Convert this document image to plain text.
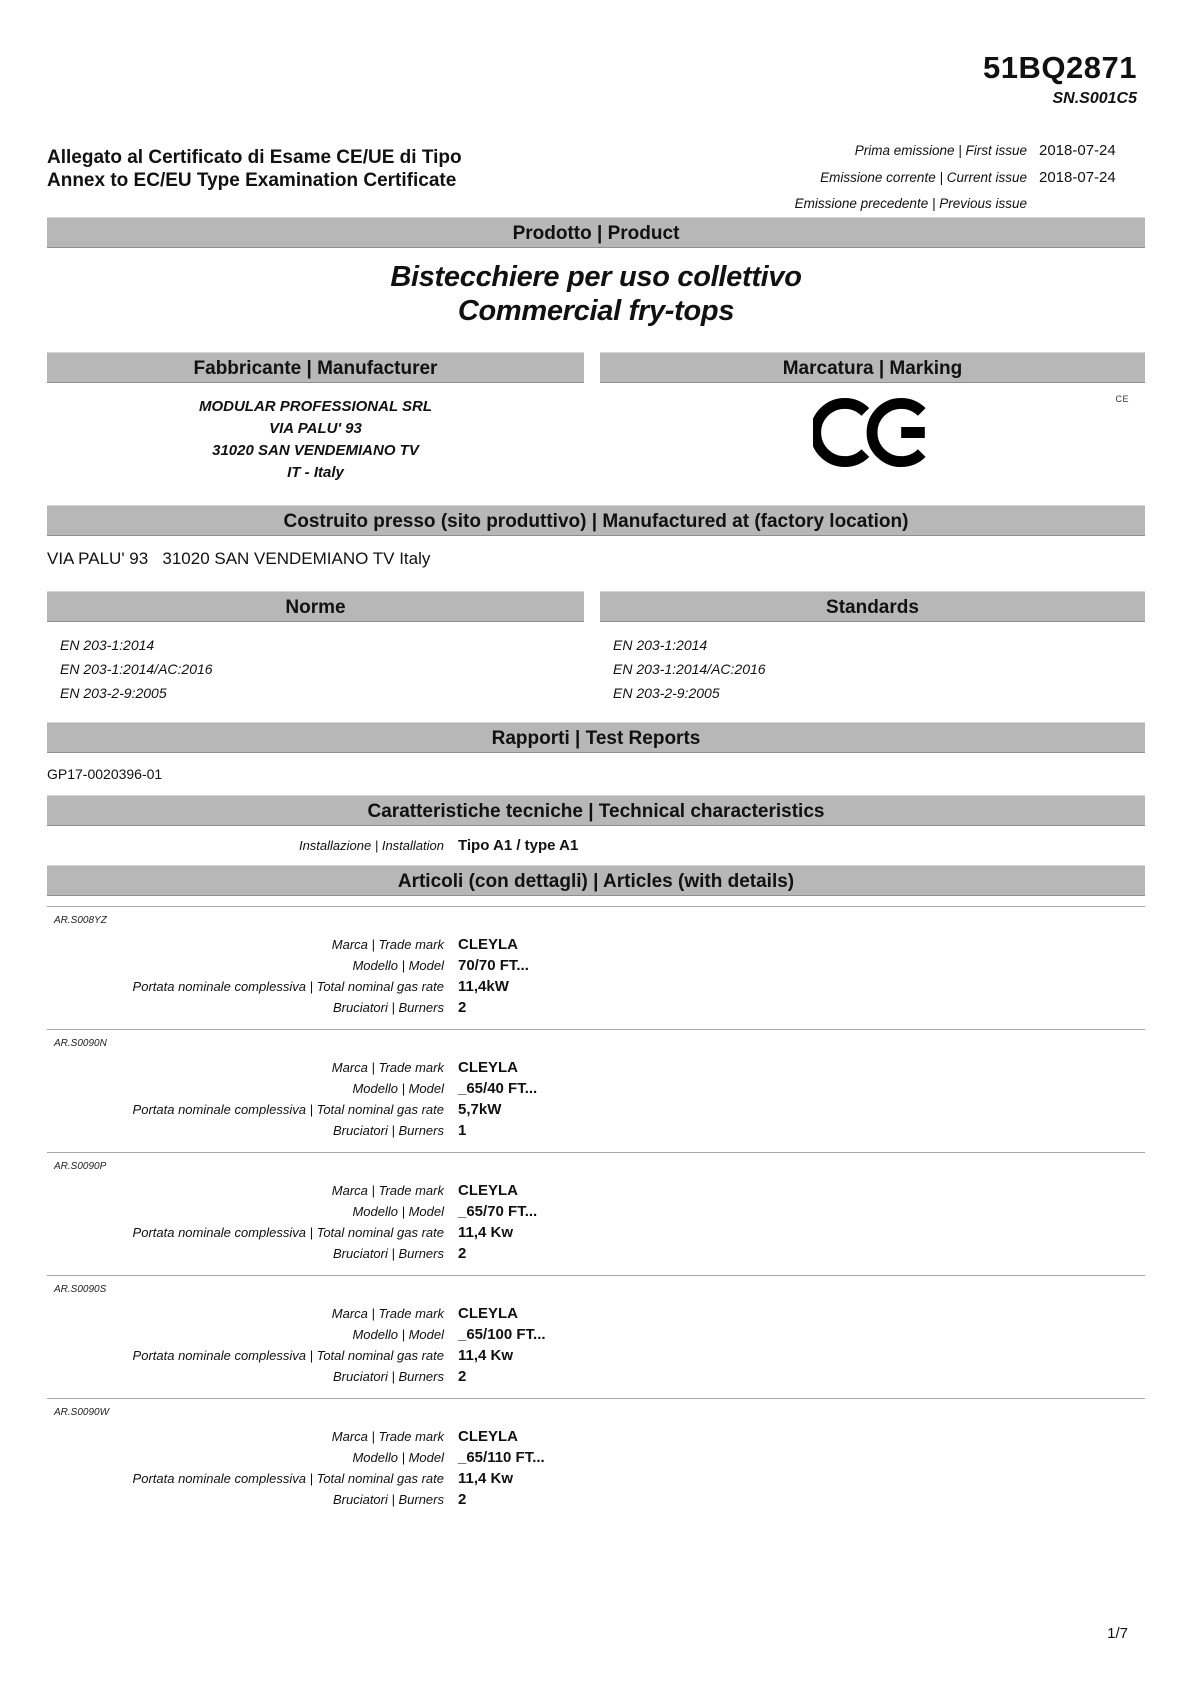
51BQ2871
SN.S001C5
Allegato al Certificato di Esame CE/UE di Tipo
Annex to EC/EU Type Examination Certificate
Prima emissione | First issue 2018-07-24
Emissione corrente | Current issue 2018-07-24
Emissione precedente | Previous issue
Prodotto | Product
Bistecchiere per uso collettivo
Commercial fry-tops
Fabbricante | Manufacturer
MODULAR PROFESSIONAL SRL
VIA PALU' 93
31020 SAN VENDEMIANO TV
IT - Italy
Marcatura | Marking
CE
Costruito presso (sito produttivo) | Manufactured at (factory location)
VIA PALU' 93   31020 SAN VENDEMIANO TV Italy
Norme
EN 203-1:2014
EN 203-1:2014/AC:2016
EN 203-2-9:2005
Standards
EN 203-1:2014
EN 203-1:2014/AC:2016
EN 203-2-9:2005
Rapporti | Test Reports
GP17-0020396-01
Caratteristiche tecniche | Technical characteristics
Installazione | Installation Tipo A1 / type A1
Articoli (con dettagli) | Articles (with details)
AR.S008YZ
Marca | Trade mark CLEYLA
Modello | Model 70/70 FT...
Portata nominale complessiva | Total nominal gas rate 11,4kW
Bruciatori | Burners 2
AR.S0090N
Marca | Trade mark CLEYLA
Modello | Model _65/40 FT...
Portata nominale complessiva | Total nominal gas rate 5,7kW
Bruciatori | Burners 1
AR.S0090P
Marca | Trade mark CLEYLA
Modello | Model _65/70 FT...
Portata nominale complessiva | Total nominal gas rate 11,4 Kw
Bruciatori | Burners 2
AR.S0090S
Marca | Trade mark CLEYLA
Modello | Model _65/100 FT...
Portata nominale complessiva | Total nominal gas rate 11,4 Kw
Bruciatori | Burners 2
AR.S0090W
Marca | Trade mark CLEYLA
Modello | Model _65/110 FT...
Portata nominale complessiva | Total nominal gas rate 11,4 Kw
Bruciatori | Burners 2
1/7
